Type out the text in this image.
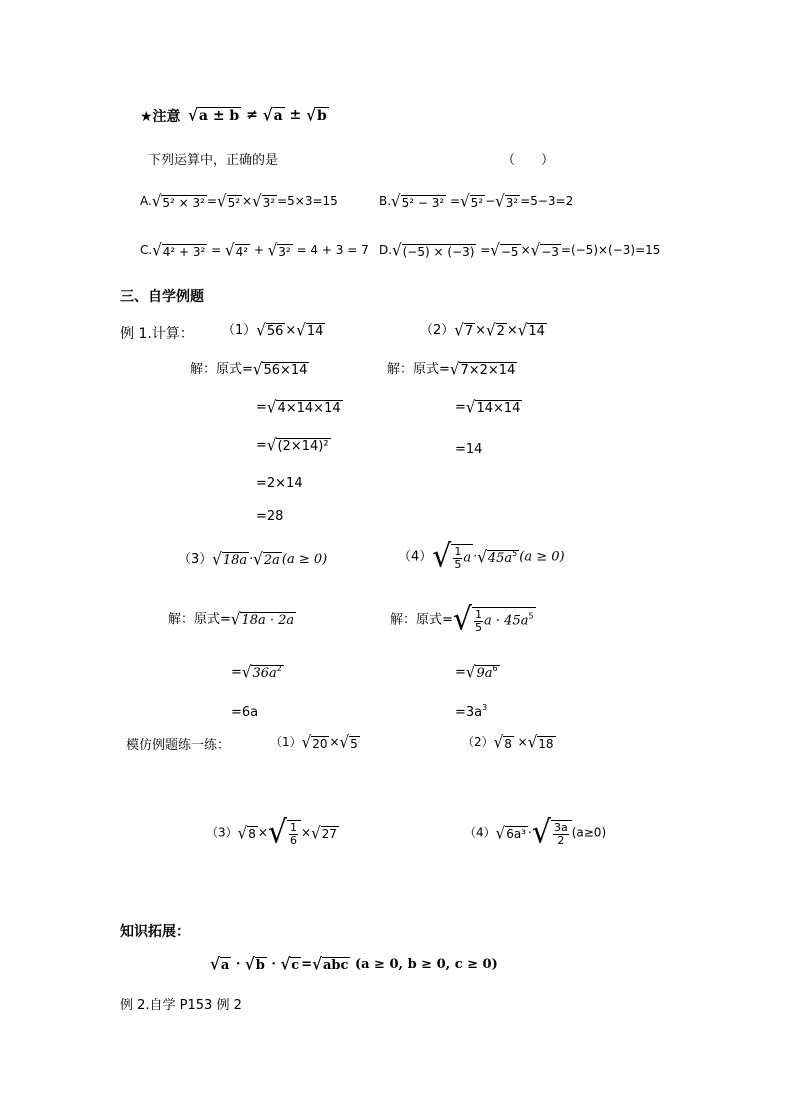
★注意 √a ± b ≠ √a ± √b
下列运算中，正确的是	（　　）
A.√5² × 3² =√5² ×√3² =5×3=15	B.√5² − 3² =√5² −√3² =5−3=2
C.√4² + 3² = √4² + √3² = 4 + 3 = 7 D.√(−5) × (−3) =√−5 ×√−3 =(−5)×(−3)=15
三、自学例题
例 1.计算： （1）√56 ×√14	（2）√7 ×√2 ×√14
解：原式=√56×14
=√4×14×14
=√(2×14)²
=2×14
=28
解：原式=√7×2×14
=√14×14
=14
（3）√18a ·√2a (a ≥ 0)	$(4)√ \frac{1}{5}$ $a \cdot√45a^5$ (a ≥ 0)
解：原式=√18a · 2a
$=√36a^2$
=6a
解：原式=√ $\frac{1}{5}$ $a \cdot 45a^5$
$=√9a^6$
$=3a^3$
模仿例题练一练：	（1）√20 ×√5	（2）√8 ×√18
（3）√8 ×√ $\frac{1}{6} \times√27$	（4）√6a³ ·√ $\frac{3a}{2} (a\ge 0)$
知识拓展：
√a · √b · √c =√abc (a ≥ 0, b ≥ 0, c ≥ 0)
例 2.自学 P153 例 2
